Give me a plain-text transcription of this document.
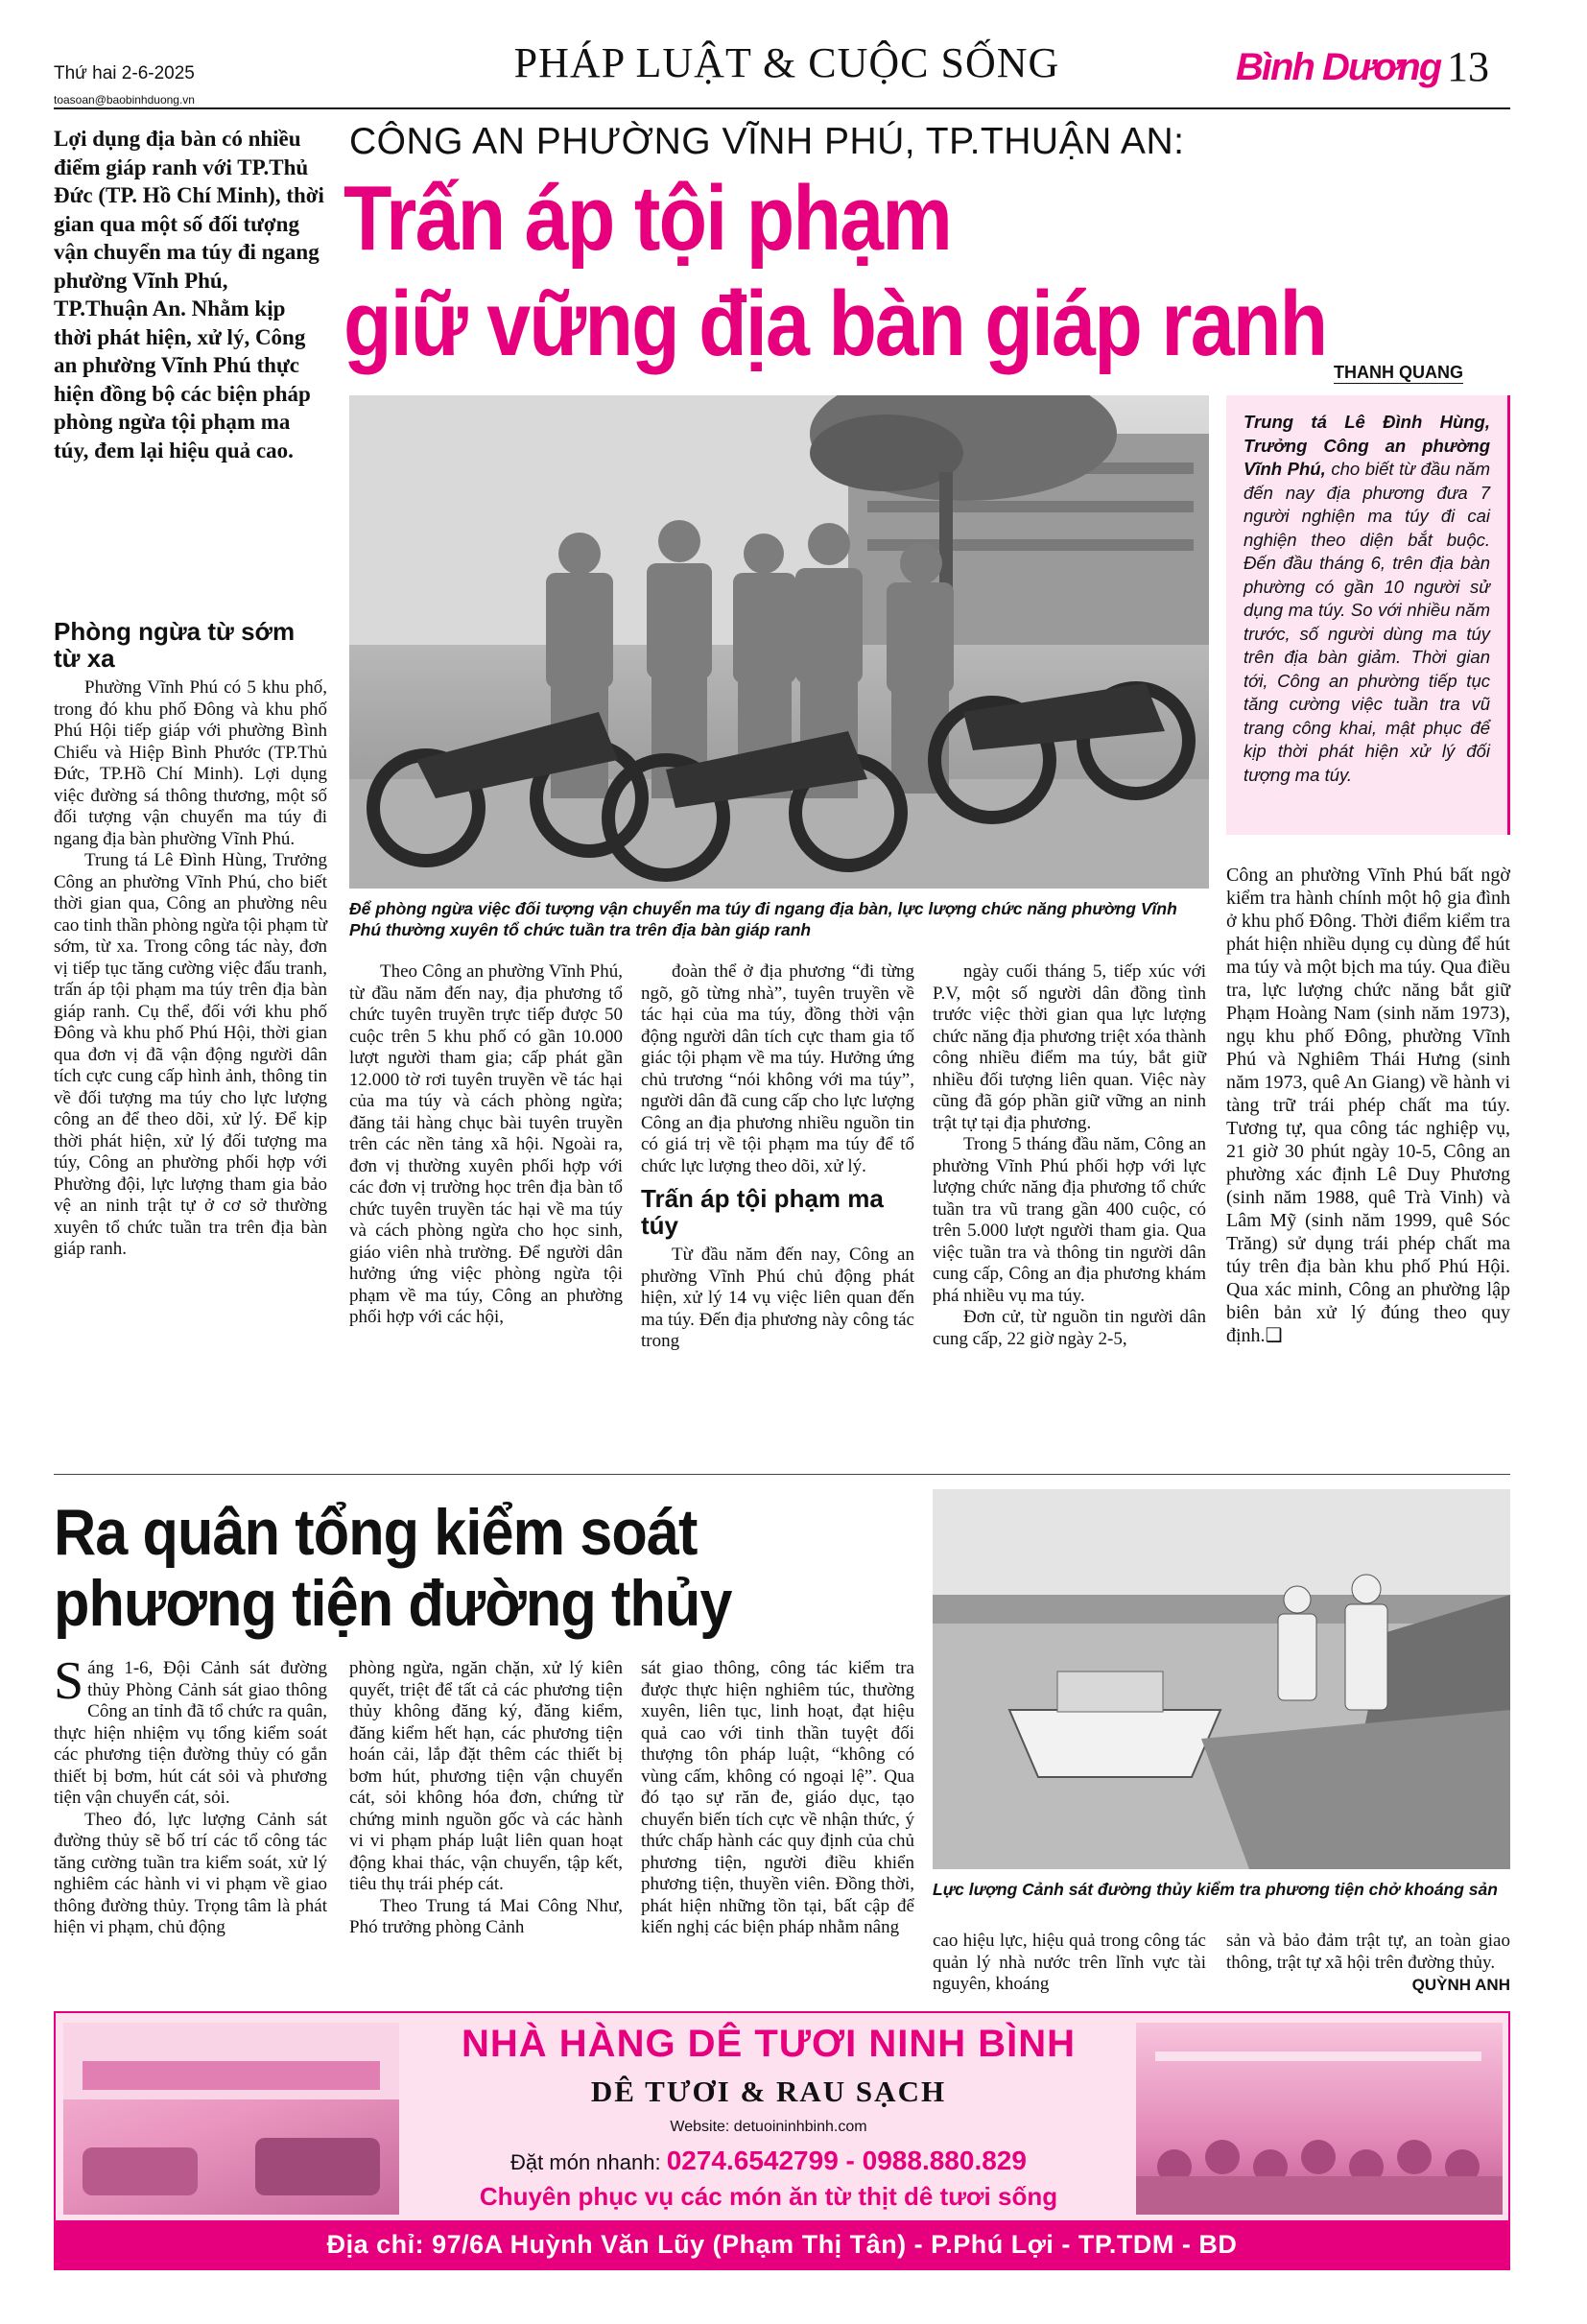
Thứ hai 2-6-2025
toasoan@baobinhduong.vn
PHÁP LUẬT & CUỘC SỐNG	Bình Dương 13
CÔNG AN PHƯỜNG VĨNH PHÚ, TP.THUẬN AN:
Trấn áp tội phạm
giữ vững địa bàn giáp ranh THANH QUANG
Lợi dụng địa bàn có nhiều điểm giáp ranh với TP.Thủ Đức (TP. Hồ Chí Minh), thời gian qua một số đối tượng vận chuyển ma túy đi ngang phường Vĩnh Phú, TP.Thuận An. Nhằm kịp thời phát hiện, xử lý, Công an phường Vĩnh Phú thực hiện đồng bộ các biện pháp phòng ngừa tội phạm ma túy, đem lại hiệu quả cao.
Phòng ngừa từ sớm từ xa

Phường Vĩnh Phú có 5 khu phố, trong đó khu phố Đông và khu phố Phú Hội tiếp giáp với phường Bình Chiểu và Hiệp Bình Phước (TP.Thủ Đức, TP.Hồ Chí Minh). Lợi dụng việc đường sá thông thương, một số đối tượng vận chuyển ma túy đi ngang địa bàn phường Vĩnh Phú.

Trung tá Lê Đình Hùng, Trưởng Công an phường Vĩnh Phú, cho biết thời gian qua, Công an phường nêu cao tinh thần phòng ngừa tội phạm từ sớm, từ xa. Trong công tác này, đơn vị tiếp tục tăng cường việc đấu tranh, trấn áp tội phạm ma túy trên địa bàn giáp ranh. Cụ thể, đối với khu phố Đông và khu phố Phú Hội, thời gian qua đơn vị đã vận động người dân tích cực cung cấp hình ảnh, thông tin về đối tượng ma túy cho lực lượng công an để theo dõi, xử lý. Để kịp thời phát hiện, xử lý đối tượng ma túy, Công an phường phối hợp với Phường đội, lực lượng tham gia bảo vệ an ninh trật tự ở cơ sở thường xuyên tổ chức tuần tra trên địa bàn giáp ranh.

Để phòng ngừa việc đối tượng vận chuyển ma túy đi ngang địa bàn, lực lượng chức năng phường Vĩnh Phú thường xuyên tổ chức tuần tra trên địa bàn giáp ranh
Trung tá Lê Đình Hùng, Trưởng Công an phường Vĩnh Phú, cho biết từ đầu năm đến nay địa phương đưa 7 người nghiện ma túy đi cai nghiện theo diện bắt buộc. Đến đầu tháng 6, trên địa bàn phường có gần 10 người sử dụng ma túy. So với nhiều năm trước, số người dùng ma túy trên địa bàn giảm. Thời gian tới, Công an phường tiếp tục tăng cường việc tuần tra vũ trang công khai, mật phục để kịp thời phát hiện xử lý đối tượng ma túy.

Theo Công an phường Vĩnh Phú, từ đầu năm đến nay, địa phương tổ chức tuyên truyền trực tiếp được 50 cuộc trên 5 khu phố có gần 10.000 lượt người tham gia; cấp phát gần 12.000 tờ rơi tuyên truyền về tác hại của ma túy và cách phòng ngừa; đăng tải hàng chục bài tuyên truyền trên các nền tảng xã hội. Ngoài ra, đơn vị thường xuyên phối hợp với các đơn vị trường học trên địa bàn tổ chức tuyên truyền tác hại về ma túy và cách phòng ngừa cho học sinh, giáo viên nhà trường. Để người dân hưởng ứng việc phòng ngừa tội phạm về ma túy, Công an phường phối hợp với các hội,

đoàn thể ở địa phương “đi từng ngõ, gõ từng nhà”, tuyên truyền về tác hại của ma túy, đồng thời vận động người dân tích cực tham gia tố giác tội phạm về ma túy. Hưởng ứng chủ trương “nói không với ma túy”, người dân đã cung cấp cho lực lượng Công an địa phương nhiều nguồn tin có giá trị về tội phạm ma túy để tổ chức lực lượng theo dõi, xử lý.

Trấn áp tội phạm ma túy

Từ đầu năm đến nay, Công an phường Vĩnh Phú chủ động phát hiện, xử lý 14 vụ việc liên quan đến ma túy. Đến địa phương này công tác trong

ngày cuối tháng 5, tiếp xúc với P.V, một số người dân đồng tình trước việc thời gian qua lực lượng chức năng địa phương triệt xóa thành công nhiều điểm ma túy, bắt giữ nhiều đối tượng liên quan. Việc này cũng đã góp phần giữ vững an ninh trật tự tại địa phương.

Trong 5 tháng đầu năm, Công an phường Vĩnh Phú phối hợp với lực lượng chức năng địa phương tổ chức tuần tra vũ trang gần 400 cuộc, có trên 5.000 lượt người tham gia. Qua việc tuần tra và thông tin người dân cung cấp, Công an địa phương khám phá nhiều vụ ma túy.

Đơn cử, từ nguồn tin người dân cung cấp, 22 giờ ngày 2-5,

Công an phường Vĩnh Phú bất ngờ kiểm tra hành chính một hộ gia đình ở khu phố Đông. Thời điểm kiểm tra phát hiện nhiều dụng cụ dùng để hút ma túy và một bịch ma túy. Qua điều tra, lực lượng chức năng bắt giữ Phạm Hoàng Nam (sinh năm 1973), ngụ khu phố Đông, phường Vĩnh Phú và Nghiêm Thái Hưng (sinh năm 1973, quê An Giang) về hành vi tàng trữ trái phép chất ma túy. Tương tự, qua công tác nghiệp vụ, 21 giờ 30 phút ngày 10-5, Công an phường xác định Lê Duy Phương (sinh năm 1988, quê Trà Vinh) và Lâm Mỹ (sinh năm 1999, quê Sóc Trăng) sử dụng trái phép chất ma túy trên địa bàn khu phố Phú Hội. Qua xác minh, Công an phường lập biên bản xử lý đúng theo quy định.❑

Ra quân tổng kiểm soát
phương tiện đường thủy

Sáng 1-6, Đội Cảnh sát đường thủy Phòng Cảnh sát giao thông Công an tỉnh đã tổ chức ra quân, thực hiện nhiệm vụ tổng kiểm soát các phương tiện đường thủy có gắn thiết bị bơm, hút cát sỏi và phương tiện vận chuyển cát, sỏi.

Theo đó, lực lượng Cảnh sát đường thủy sẽ bố trí các tổ công tác tăng cường tuần tra kiểm soát, xử lý nghiêm các hành vi vi phạm về giao thông đường thủy. Trọng tâm là phát hiện vi phạm, chủ động

phòng ngừa, ngăn chặn, xử lý kiên quyết, triệt để tất cả các phương tiện thủy không đăng ký, đăng kiểm, đăng kiểm hết hạn, các phương tiện hoán cải, lắp đặt thêm các thiết bị bơm hút, phương tiện vận chuyển cát, sỏi không hóa đơn, chứng từ chứng minh nguồn gốc và các hành vi vi phạm pháp luật liên quan hoạt động khai thác, vận chuyển, tập kết, tiêu thụ trái phép cát.

Theo Trung tá Mai Công Như, Phó trưởng phòng Cảnh

sát giao thông, công tác kiểm tra được thực hiện nghiêm túc, thường xuyên, liên tục, linh hoạt, đạt hiệu quả cao với tinh thần tuyệt đối thượng tôn pháp luật, “không có vùng cấm, không có ngoại lệ”. Qua đó tạo sự răn đe, giáo dục, tạo chuyển biến tích cực về nhận thức, ý thức chấp hành các quy định của chủ phương tiện, người điều khiển phương tiện, thuyền viên. Đồng thời, phát hiện những tồn tại, bất cập để kiến nghị các biện pháp nhằm nâng

Lực lượng Cảnh sát đường thủy kiểm tra phương tiện chở khoáng sản

cao hiệu lực, hiệu quả trong công tác quản lý nhà nước trên lĩnh vực tài nguyên, khoáng

sản và bảo đảm trật tự, an toàn giao thông, trật tự xã hội trên đường thủy.

QUỲNH ANH
NHÀ HÀNG DÊ TƯƠI NINH BÌNH
DÊ TƯƠI & RAU SẠCH
Website: detuoininhbinh.com
Đặt món nhanh: 0274.6542799 - 0988.880.829
Chuyên phục vụ các món ăn từ thịt dê tươi sống
Địa chỉ: 97/6A Huỳnh Văn Lũy (Phạm Thị Tân) - P.Phú Lợi - TP.TDM - BD
